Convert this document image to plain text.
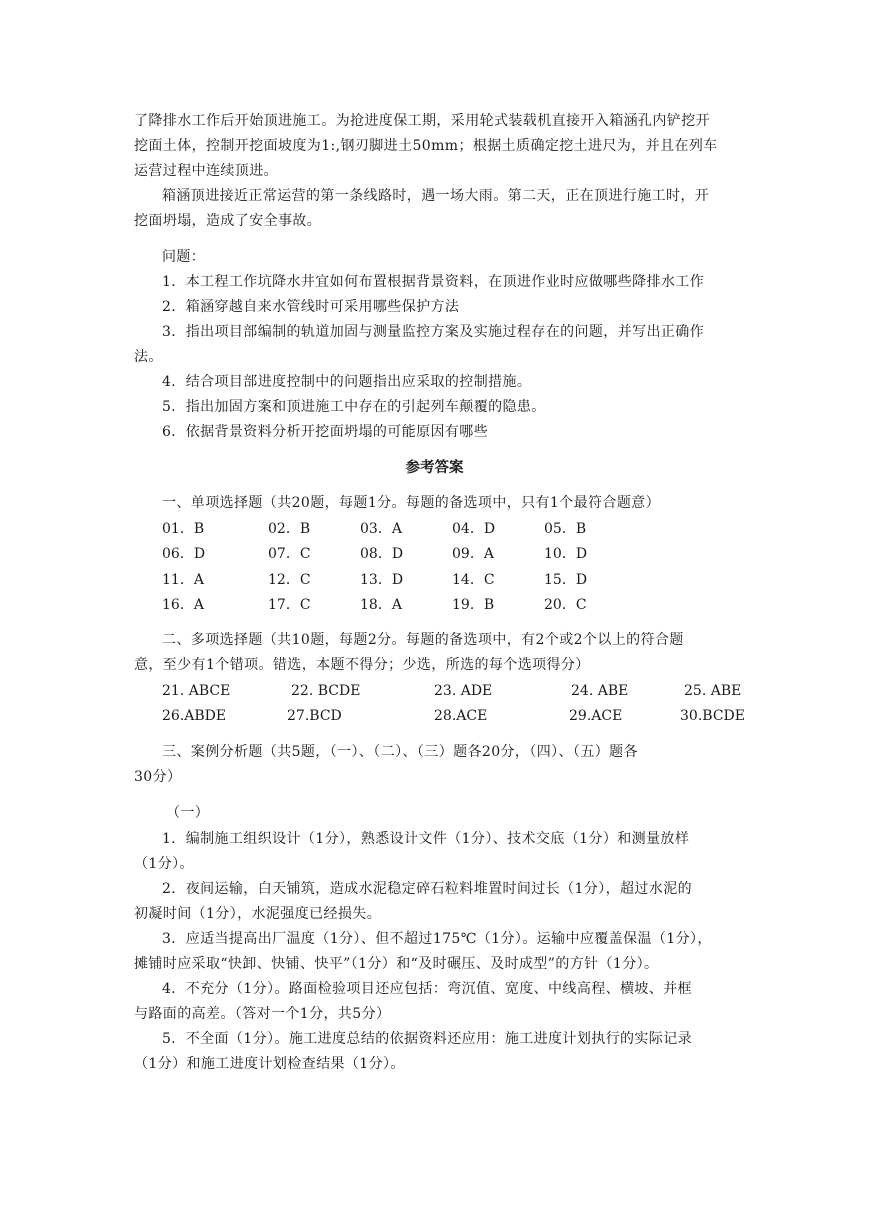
了降排水工作后开始顶进施工。为抢进度保工期，采用轮式装载机直接开入箱涵孔内铲挖开
挖面土体，控制开挖面坡度为1:,钢刃脚进土50mm；根据土质确定挖土进尺为，并且在列车
运营过程中连续顶进。
箱涵顶进接近正常运营的第一条线路时，遇一场大雨。第二天，正在顶进行施工时，开
挖面坍塌，造成了安全事故。
问题：
1．本工程工作坑降水井宜如何布置根据背景资料，在顶进作业时应做哪些降排水工作
2．箱涵穿越自来水管线时可采用哪些保护方法
3．指出项目部编制的轨道加固与测量监控方案及实施过程存在的问题，并写出正确作
法。
4．结合项目部进度控制中的问题指出应采取的控制措施。
5．指出加固方案和顶进施工中存在的引起列车颠覆的隐患。
6．依据背景资料分析开挖面坍塌的可能原因有哪些
参考答案
一、单项选择题（共20题，每题1分。每题的备选项中，只有1个最符合题意）
01．B	02．B	03．A	04．D	05．B
06．D	07．C	08．D	09．A	10．D
11．A	12．C	13．D	14．C	15．D
16．A	17．C	18．A	19．B	20．C
二、多项选择题（共10题，每题2分。每题的备选项中，有2个或2个以上的符合题
意，至少有1个错项。错选，本题不得分；少选，所选的每个选项得分）
21. ABCE	22. BCDE	23. ADE	24. ABE	25. ABE
26.ABDE	27.BCD	28.ACE	29.ACE	30.BCDE
三、案例分析题（共5题，（一）、（二）、（三）题各20分，（四）、（五）题各
30分）
（一）
1．编制施工组织设计（1分），熟悉设计文件（1分）、技术交底（1分）和测量放样
（1分）。
2．夜间运输，白天铺筑，造成水泥稳定碎石粒料堆置时间过长（1分），超过水泥的
初凝时间（1分），水泥强度已经损失。
3．应适当提高出厂温度（1分）、但不超过175℃（1分）。运输中应覆盖保温（1分），
摊铺时应采取“快卸、快铺、快平”（1分）和“及时碾压、及时成型”的方针（1分）。
4．不充分（1分）。路面检验项目还应包括：弯沉值、宽度、中线高程、横坡、并框
与路面的高差。（答对一个1分，共5分）
5．不全面（1分）。施工进度总结的依据资料还应用：施工进度计划执行的实际记录
（1分）和施工进度计划检查结果（1分）。
